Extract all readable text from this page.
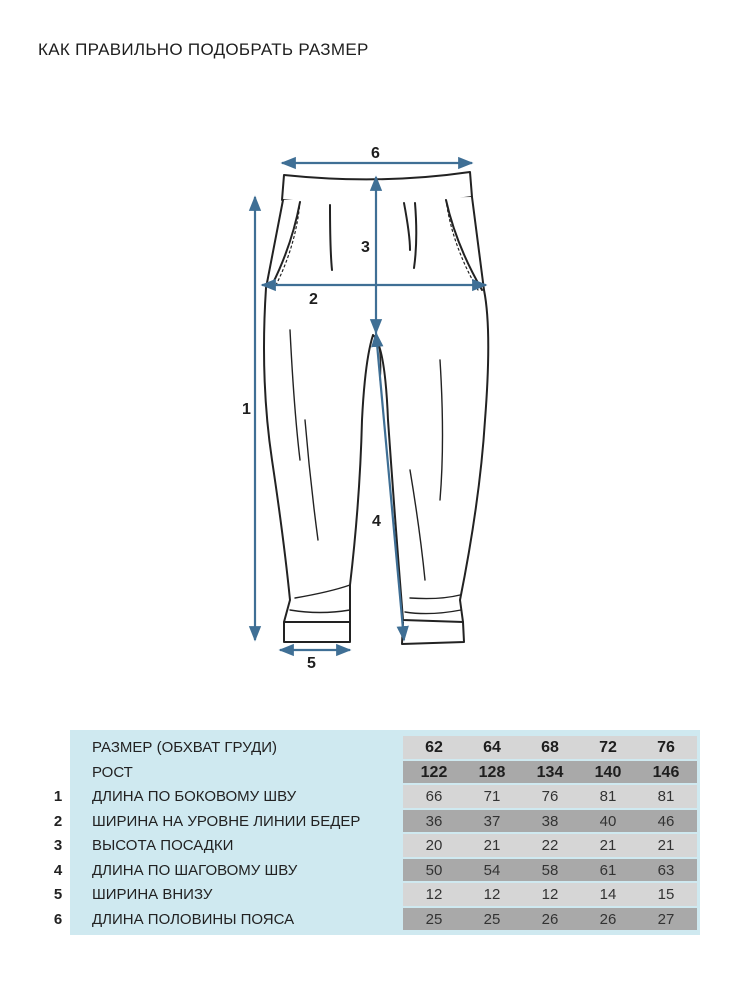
КАК ПРАВИЛЬНО ПОДОБРАТЬ РАЗМЕР
6
3
2
1
4
5
РАЗМЕР (ОБХВАТ ГРУДИ)	62	64	68	72	76
РОСТ	122	128	134	140	146
1	ДЛИНА ПО БОКОВОМУ ШВУ	66	71	76	81	81
2	ШИРИНА НА УРОВНЕ ЛИНИИ БЕДЕР	36	37	38	40	46
3	ВЫСОТА ПОСАДКИ	20	21	22	21	21
4	ДЛИНА ПО ШАГОВОМУ ШВУ	50	54	58	61	63
5	ШИРИНА ВНИЗУ	12	12	12	14	15
6	ДЛИНА ПОЛОВИНЫ ПОЯСА	25	25	26	26	27
